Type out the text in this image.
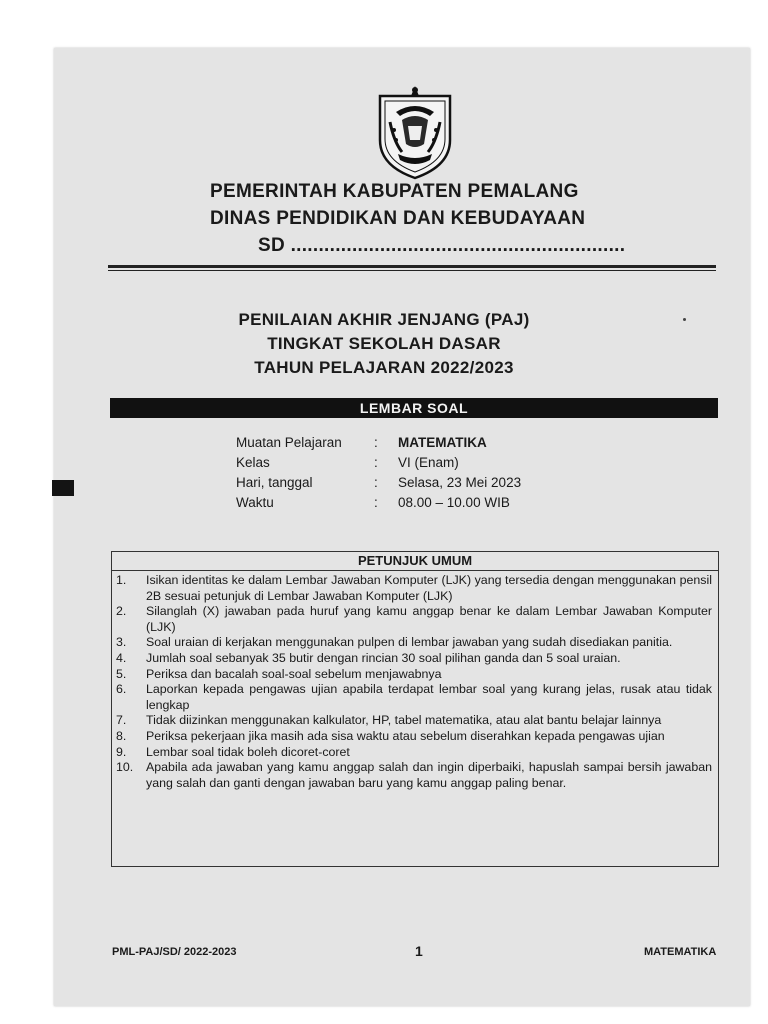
PEMERINTAH KABUPATEN PEMALANG
DINAS PENDIDIKAN DAN KEBUDAYAAN
SD ............................................................
PENILAIAN AKHIR JENJANG (PAJ)
TINGKAT SEKOLAH DASAR
TAHUN PELAJARAN 2022/2023
LEMBAR SOAL
Muatan Pelajaran	:	MATEMATIKA
Kelas	:	VI (Enam)
Hari, tanggal	:	Selasa, 23 Mei 2023
Waktu	:	08.00 – 10.00 WIB
PETUNJUK UMUM
1.	Isikan identitas ke dalam Lembar Jawaban Komputer (LJK) yang tersedia dengan menggunakan pensil 2B sesuai petunjuk di Lembar Jawaban Komputer (LJK)
2.	Silanglah (X) jawaban pada huruf yang kamu anggap benar ke dalam Lembar Jawaban Komputer (LJK)
3.	Soal uraian di kerjakan menggunakan pulpen di lembar jawaban yang sudah disediakan panitia.
4.	Jumlah soal sebanyak 35 butir dengan rincian 30 soal pilihan ganda dan 5 soal uraian.
5.	Periksa dan bacalah soal-soal sebelum menjawabnya
6.	Laporkan kepada pengawas ujian apabila terdapat lembar soal yang kurang jelas, rusak atau tidak lengkap
7.	Tidak diizinkan menggunakan kalkulator, HP, tabel matematika, atau alat bantu belajar lainnya
8.	Periksa pekerjaan jika masih ada sisa waktu atau sebelum diserahkan kepada pengawas ujian
9.	Lembar soal tidak boleh dicoret-coret
10.	Apabila ada jawaban yang kamu anggap salah dan ingin diperbaiki, hapuslah sampai bersih jawaban yang salah dan ganti dengan jawaban baru yang kamu anggap paling benar.
PML-PAJ/SD/ 2022-2023	1	MATEMATIKA
